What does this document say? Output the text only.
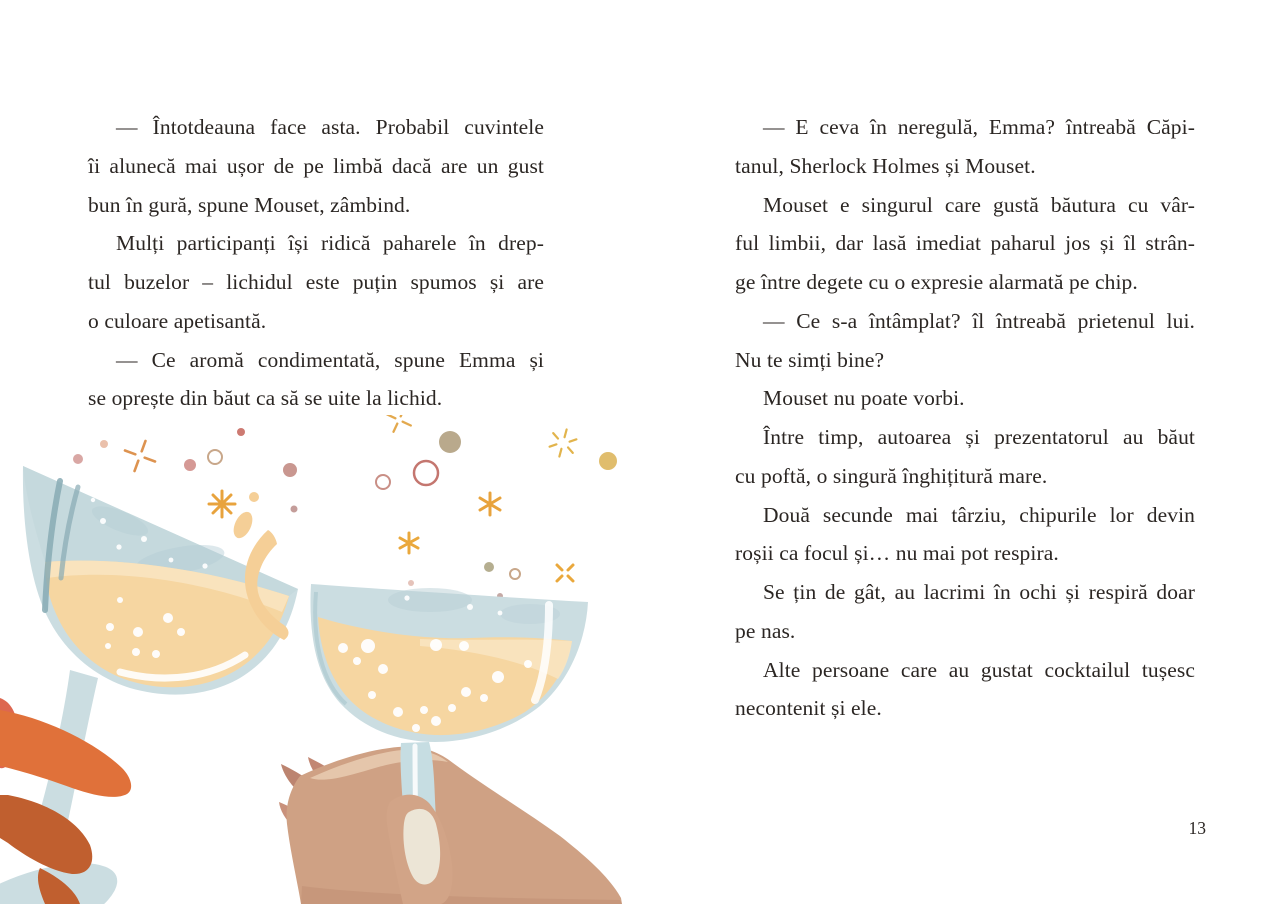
— Întotdeauna face asta. Probabil cuvintele
îi alunecă mai ușor de pe limbă dacă are un gust
bun în gură, spune Mouset, zâmbind.
Mulți participanți își ridică paharele în drep-
tul buzelor – lichidul este puțin spumos și are
o culoare apetisantă.
— Ce aromă condimentată, spune Emma și
se oprește din băut ca să se uite la lichid.
— E ceva în neregulă, Emma? întreabă Căpi-
tanul, Sherlock Holmes și Mouset.
Mouset e singurul care gustă băutura cu vâr-
ful limbii, dar lasă imediat paharul jos și îl strân-
ge între degete cu o expresie alarmată pe chip.
— Ce s-a întâmplat? îl întreabă prietenul lui.
Nu te simți bine?
Mouset nu poate vorbi.
Între timp, autoarea și prezentatorul au băut
cu poftă, o singură înghițitură mare.
Două secunde mai târziu, chipurile lor devin
roșii ca focul și… nu mai pot respira.
Se țin de gât, au lacrimi în ochi și respiră doar
pe nas.
Alte persoane care au gustat cocktailul tușesc
necontenit și ele.
13
